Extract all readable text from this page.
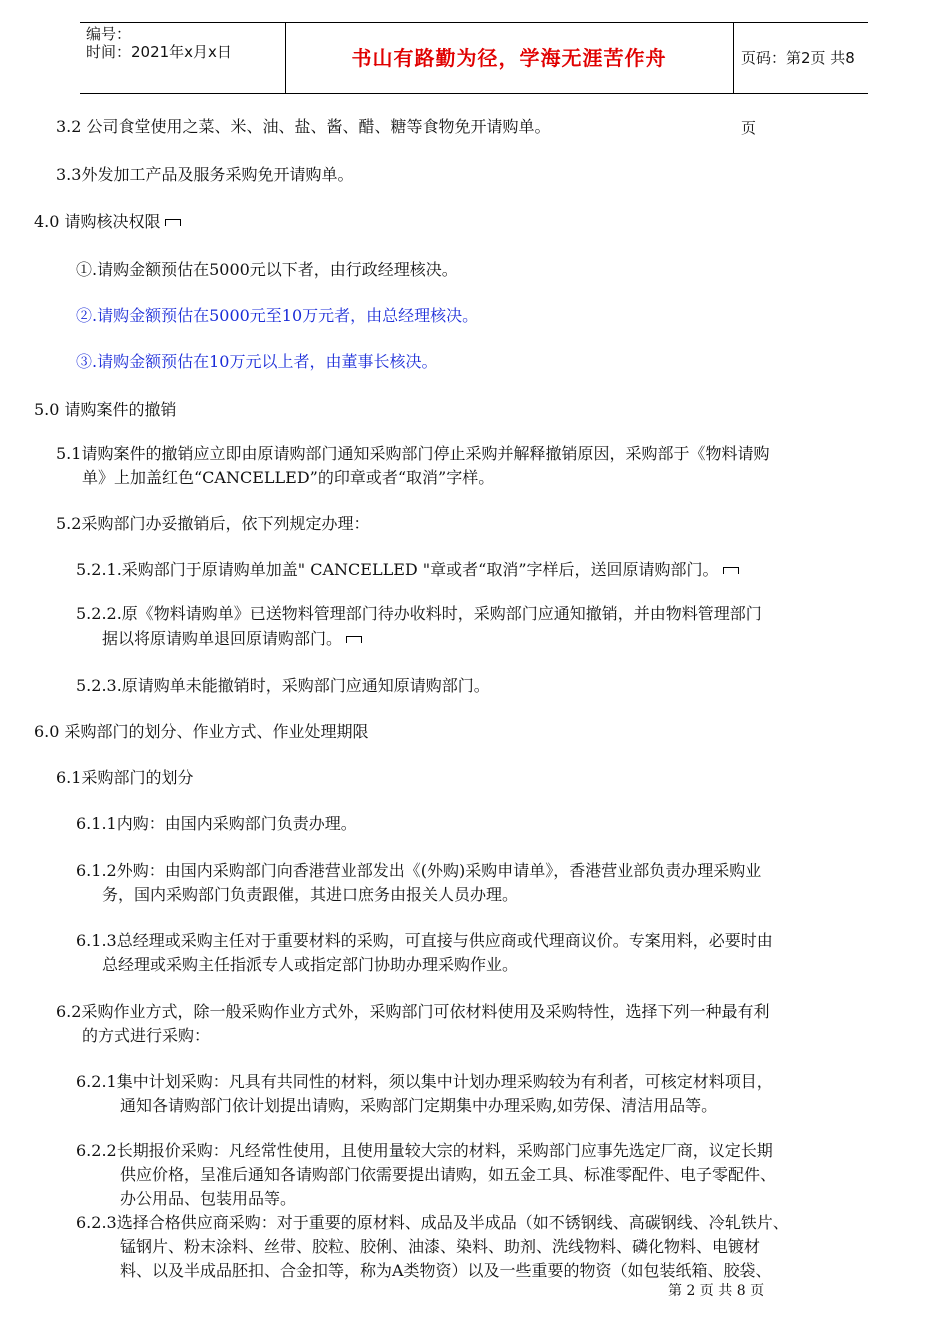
编号：
时间：2021年x月x日	书山有路勤为径，学海无涯苦作舟	页码：第2页 共8页
3.2 公司食堂使用之菜、米、油、盐、酱、醋、糖等食物免开请购单。
3.3外发加工产品及服务采购免开请购单。
4.0 请购核决权限
①.请购金额预估在5000元以下者，由行政经理核决。
②.请购金额预估在5000元至10万元者，由总经理核决。
③.请购金额预估在10万元以上者，由董事长核决。
5.0 请购案件的撤销
5.1请购案件的撤销应立即由原请购部门通知采购部门停止采购并解释撤销原因，采购部于《物料请购
单》上加盖红色“CANCELLED”的印章或者“取消”字样。
5.2采购部门办妥撤销后，依下列规定办理：
5.2.1.采购部门于原请购单加盖" CANCELLED "章或者“取消”字样后，送回原请购部门。
5.2.2.原《物料请购单》已送物料管理部门待办收料时，采购部门应通知撤销，并由物料管理部门
据以将原请购单退回原请购部门。
5.2.3.原请购单未能撤销时，采购部门应通知原请购部门。
6.0 采购部门的划分、作业方式、作业处理期限
6.1采购部门的划分
6.1.1内购：由国内采购部门负责办理。
6.1.2外购：由国内采购部门向香港营业部发出《(外购)采购申请单》，香港营业部负责办理采购业
务，国内采购部门负责跟催，其进口庶务由报关人员办理。
6.1.3总经理或采购主任对于重要材料的采购，可直接与供应商或代理商议价。专案用料，必要时由
总经理或采购主任指派专人或指定部门协助办理采购作业。
6.2采购作业方式，除一般采购作业方式外，采购部门可依材料使用及采购特性，选择下列一种最有利
的方式进行采购：
6.2.1集中计划采购：凡具有共同性的材料，须以集中计划办理采购较为有利者，可核定材料项目，
通知各请购部门依计划提出请购，采购部门定期集中办理采购,如劳保、清洁用品等。
6.2.2长期报价采购：凡经常性使用，且使用量较大宗的材料，采购部门应事先选定厂商，议定长期
供应价格，呈准后通知各请购部门依需要提出请购，如五金工具、标准零配件、电子零配件、
办公用品、包装用品等。
6.2.3选择合格供应商采购：对于重要的原材料、成品及半成品（如不锈钢线、高碳钢线、冷轧铁片、
锰钢片、粉末涂料、丝带、胶粒、胶俐、油漆、染料、助剂、洗线物料、磷化物料、电镀材
料、以及半成品胚扣、合金扣等，称为A类物资）以及一些重要的物资（如包装纸箱、胶袋、
第 2 页 共 8 页
